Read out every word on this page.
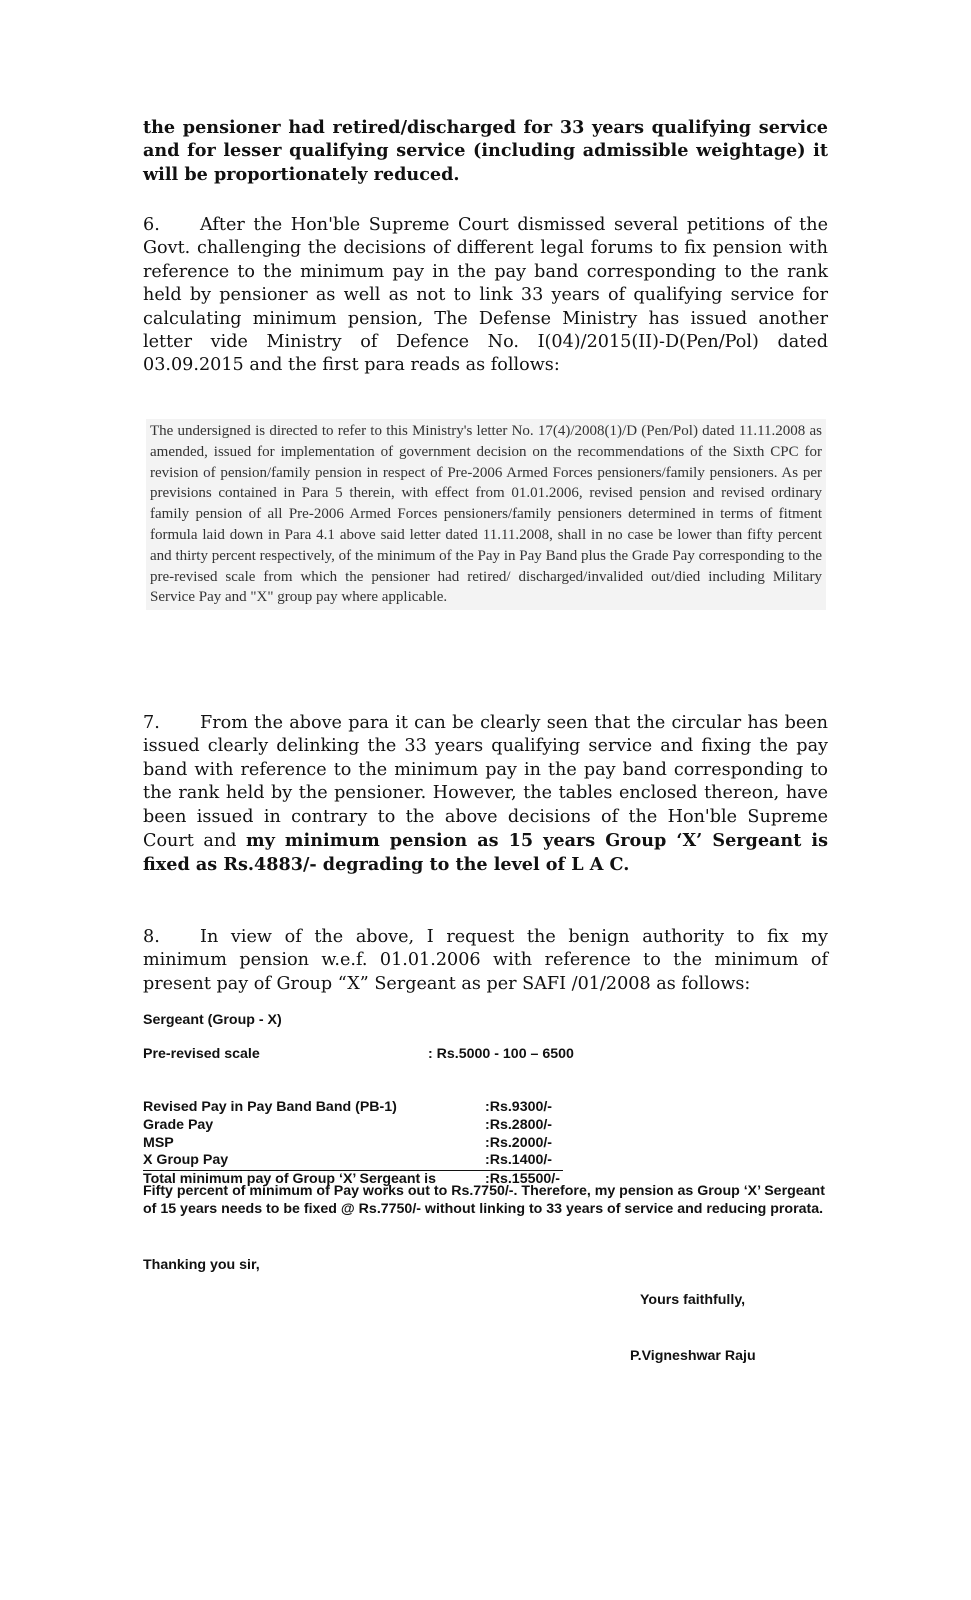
the pensioner had retired/discharged for 33 years qualifying service and for lesser qualifying service (including admissible weightage) it will be proportionately reduced.
6. After the Hon'ble Supreme Court dismissed several petitions of the Govt. challenging the decisions of different legal forums to fix pension with reference to the minimum pay in the pay band corresponding to the rank held by pensioner as well as not to link 33 years of qualifying service for calculating minimum pension, The Defense Ministry has issued another letter vide Ministry of Defence No. I(04)/2015(II)-D(Pen/Pol) dated 03.09.2015 and the first para reads as follows:
The undersigned is directed to refer to this Ministry's letter No. 17(4)/2008(1)/D (Pen/Pol) dated 11.11.2008 as amended, issued for implementation of government decision on the recommendations of the Sixth CPC for revision of pension/family pension in respect of Pre-2006 Armed Forces pensioners/family pensioners. As per previsions contained in Para 5 therein, with effect from 01.01.2006, revised pension and revised ordinary family pension of all Pre-2006 Armed Forces pensioners/family pensioners determined in terms of fitment formula laid down in Para 4.1 above said letter dated 11.11.2008, shall in no case be lower than fifty percent and thirty percent respectively, of the minimum of the Pay in Pay Band plus the Grade Pay corresponding to the pre-revised scale from which the pensioner had retired/ discharged/invalided out/died including Military Service Pay and "X" group pay where applicable.
7. From the above para it can be clearly seen that the circular has been issued clearly delinking the 33 years qualifying service and fixing the pay band with reference to the minimum pay in the pay band corresponding to the rank held by the pensioner. However, the tables enclosed thereon, have been issued in contrary to the above decisions of the Hon'ble Supreme Court and my minimum pension as 15 years Group ‘X’ Sergeant is fixed as Rs.4883/- degrading to the level of L A C.
8. In view of the above, I request the benign authority to fix my minimum pension w.e.f. 01.01.2006 with reference to the minimum of present pay of Group “X” Sergeant as per SAFI /01/2008 as follows:
Sergeant (Group - X)
Pre-revised scale	: Rs.5000 - 100 – 6500
Revised Pay in Pay Band Band (PB-1)	:Rs.9300/-
Grade Pay	:Rs.2800/-
MSP	:Rs.2000/-
X Group Pay	:Rs.1400/-
Total minimum pay of Group ‘X’ Sergeant is	:Rs.15500/-
Fifty percent of minimum of Pay works out to Rs.7750/-. Therefore, my pension as Group ‘X’ Sergeant of 15 years needs to be fixed @ Rs.7750/- without linking to 33 years of service and reducing prorata.
Thanking you sir,
Yours faithfully,
P.Vigneshwar Raju
